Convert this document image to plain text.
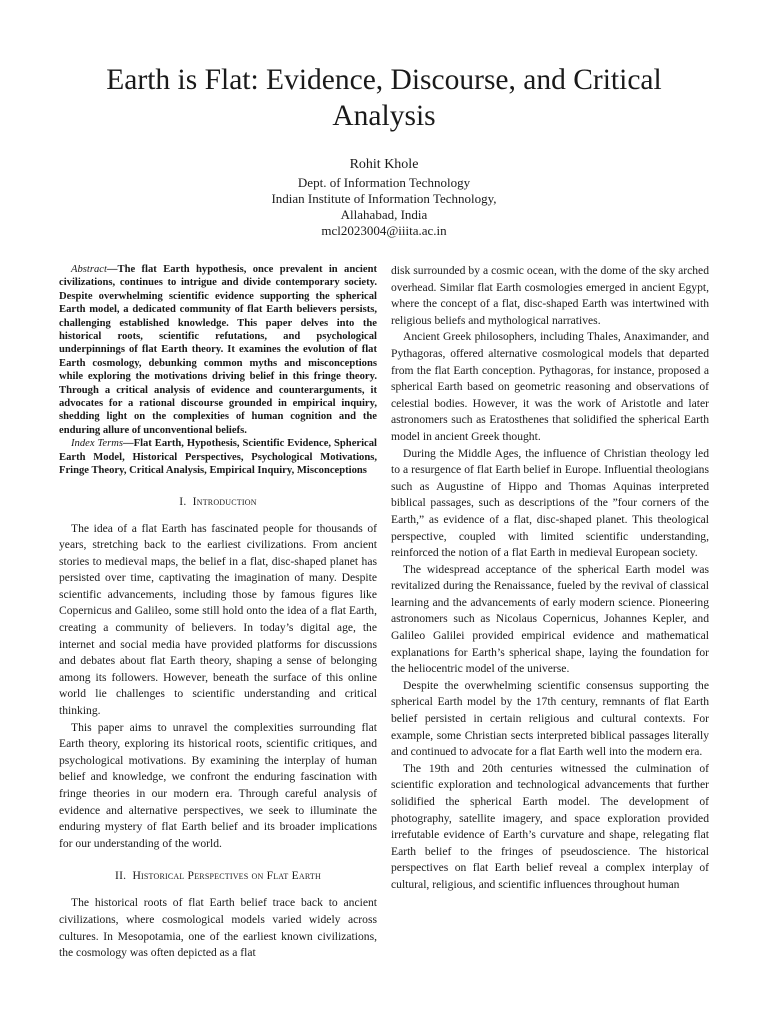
Earth is Flat: Evidence, Discourse, and Critical Analysis
Rohit Khole
Dept. of Information Technology
Indian Institute of Information Technology,
Allahabad, India
mcl2023004@iiita.ac.in

Abstract—The flat Earth hypothesis, once prevalent in ancient civilizations, continues to intrigue and divide contemporary society. Despite overwhelming scientific evidence supporting the spherical Earth model, a dedicated community of flat Earth believers persists, challenging established knowledge. This paper delves into the historical roots, scientific refutations, and psychological underpinnings of flat Earth theory. It examines the evolution of flat Earth cosmology, debunking common myths and misconceptions while exploring the motivations driving belief in this fringe theory. Through a critical analysis of evidence and counterarguments, it advocates for a rational discourse grounded in empirical inquiry, shedding light on the complexities of human cognition and the enduring allure of unconventional beliefs.

Index Terms—Flat Earth, Hypothesis, Scientific Evidence, Spherical Earth Model, Historical Perspectives, Psychological Motivations, Fringe Theory, Critical Analysis, Empirical Inquiry, Misconceptions

I. Introduction

The idea of a flat Earth has fascinated people for thousands of years, stretching back to the earliest civilizations. From ancient stories to medieval maps, the belief in a flat, disc-shaped planet has persisted over time, captivating the imagination of many. Despite scientific advancements, including those by famous figures like Copernicus and Galileo, some still hold onto the idea of a flat Earth, creating a community of believers. In today’s digital age, the internet and social media have provided platforms for discussions and debates about flat Earth theory, shaping a sense of belonging among its followers. However, beneath the surface of this online world lie challenges to scientific understanding and critical thinking.

This paper aims to unravel the complexities surrounding flat Earth theory, exploring its historical roots, scientific critiques, and psychological motivations. By examining the interplay of human belief and knowledge, we confront the enduring fascination with fringe theories in our modern era. Through careful analysis of evidence and alternative perspectives, we seek to illuminate the enduring mystery of flat Earth belief and its broader implications for our understanding of the world.

II. Historical Perspectives on Flat Earth

The historical roots of flat Earth belief trace back to ancient civilizations, where cosmological models varied widely across cultures. In Mesopotamia, one of the earliest known civilizations, the cosmology was often depicted as a flat

disk surrounded by a cosmic ocean, with the dome of the sky arched overhead. Similar flat Earth cosmologies emerged in ancient Egypt, where the concept of a flat, disc-shaped Earth was intertwined with religious beliefs and mythological narratives.

Ancient Greek philosophers, including Thales, Anaximander, and Pythagoras, offered alternative cosmological models that departed from the flat Earth conception. Pythagoras, for instance, proposed a spherical Earth based on geometric reasoning and observations of celestial bodies. However, it was the work of Aristotle and later astronomers such as Eratosthenes that solidified the spherical Earth model in ancient Greek thought.

During the Middle Ages, the influence of Christian theology led to a resurgence of flat Earth belief in Europe. Influential theologians such as Augustine of Hippo and Thomas Aquinas interpreted biblical passages, such as descriptions of the ”four corners of the Earth,” as evidence of a flat, disc-shaped planet. This theological perspective, coupled with limited scientific understanding, reinforced the notion of a flat Earth in medieval European society.

The widespread acceptance of the spherical Earth model was revitalized during the Renaissance, fueled by the revival of classical learning and the advancements of early modern science. Pioneering astronomers such as Nicolaus Copernicus, Johannes Kepler, and Galileo Galilei provided empirical evidence and mathematical explanations for Earth’s spherical shape, laying the foundation for the heliocentric model of the universe.

Despite the overwhelming scientific consensus supporting the spherical Earth model by the 17th century, remnants of flat Earth belief persisted in certain religious and cultural contexts. For example, some Christian sects interpreted biblical passages literally and continued to advocate for a flat Earth well into the modern era.

The 19th and 20th centuries witnessed the culmination of scientific exploration and technological advancements that further solidified the spherical Earth model. The development of photography, satellite imagery, and space exploration provided irrefutable evidence of Earth’s curvature and shape, relegating flat Earth belief to the fringes of pseudoscience. The historical perspectives on flat Earth belief reveal a complex interplay of cultural, religious, and scientific influences throughout human
